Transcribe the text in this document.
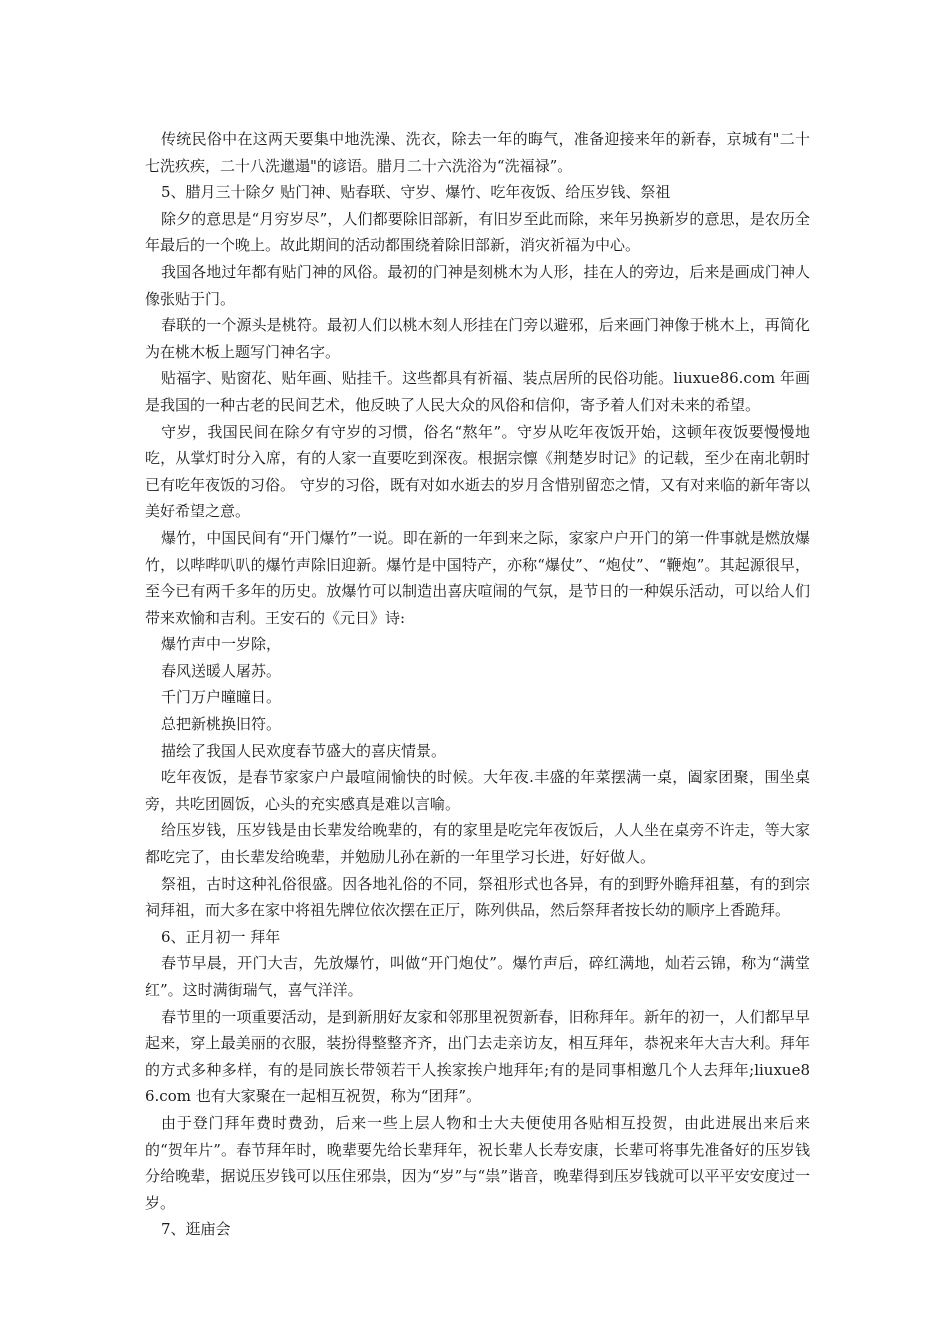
传统民俗中在这两天要集中地洗澡、洗衣，除去一年的晦气，准备迎接来年的新春，京城有"二十七洗疚疾，二十八洗邋遢"的谚语。腊月二十六洗浴为“洗福禄”。

5、腊月三十除夕 贴门神、贴春联、守岁、爆竹、吃年夜饭、给压岁钱、祭祖

除夕的意思是“月穷岁尽”，人们都要除旧部新，有旧岁至此而除，来年另换新岁的意思，是农历全年最后的一个晚上。故此期间的活动都围绕着除旧部新，消灾祈福为中心。

我国各地过年都有贴门神的风俗。最初的门神是刻桃木为人形，挂在人的旁边，后来是画成门神人像张贴于门。

春联的一个源头是桃符。最初人们以桃木刻人形挂在门旁以避邪，后来画门神像于桃木上，再简化为在桃木板上题写门神名字。

贴福字、贴窗花、贴年画、贴挂千。这些都具有祈福、装点居所的民俗功能。liuxue86.com 年画是我国的一种古老的民间艺术，他反映了人民大众的风俗和信仰，寄予着人们对未来的希望。

守岁，我国民间在除夕有守岁的习惯，俗名“熬年”。守岁从吃年夜饭开始，这顿年夜饭要慢慢地吃，从掌灯时分入席，有的人家一直要吃到深夜。根据宗懔《荆楚岁时记》的记载，至少在南北朝时已有吃年夜饭的习俗。 守岁的习俗，既有对如水逝去的岁月含惜别留恋之情，又有对来临的新年寄以美好希望之意。

爆竹，中国民间有“开门爆竹”一说。即在新的一年到来之际，家家户户开门的第一件事就是燃放爆竹，以哔哔叭叭的爆竹声除旧迎新。爆竹是中国特产，亦称“爆仗”、“炮仗”、“鞭炮”。其起源很早，至今已有两千多年的历史。放爆竹可以制造出喜庆喧闹的气氛，是节日的一种娱乐活动，可以给人们带来欢愉和吉利。王安石的《元日》诗:

爆竹声中一岁除，

春风送暖人屠苏。

千门万户曈曈日。

总把新桃换旧符。

描绘了我国人民欢度春节盛大的喜庆情景。

吃年夜饭，是春节家家户户最喧闹愉快的时候。大年夜.丰盛的年菜摆满一桌，阖家团聚，围坐桌旁，共吃团圆饭，心头的充实感真是难以言喻。

给压岁钱，压岁钱是由长辈发给晚辈的，有的家里是吃完年夜饭后，人人坐在桌旁不许走，等大家都吃完了，由长辈发给晚辈，并勉励儿孙在新的一年里学习长进，好好做人。

祭祖，古时这种礼俗很盛。因各地礼俗的不同，祭祖形式也各异，有的到野外瞻拜祖墓，有的到宗祠拜祖，而大多在家中将祖先牌位依次摆在正厅，陈列供品，然后祭拜者按长幼的顺序上香跪拜。

6、正月初一 拜年

春节早晨，开门大吉，先放爆竹，叫做“开门炮仗”。爆竹声后，碎红满地，灿若云锦，称为“满堂红”。这时满街瑞气，喜气洋洋。

春节里的一项重要活动，是到新朋好友家和邻那里祝贺新春，旧称拜年。新年的初一，人们都早早起来，穿上最美丽的衣服，装扮得整整齐齐，出门去走亲访友，相互拜年，恭祝来年大吉大利。拜年的方式多种多样，有的是同族长带领若干人挨家挨户地拜年;有的是同事相邀几个人去拜年;liuxue86.com 也有大家聚在一起相互祝贺，称为“团拜”。

由于登门拜年费时费劲，后来一些上层人物和士大夫便使用各贴相互投贺，由此进展出来后来的“贺年片”。春节拜年时，晚辈要先给长辈拜年，祝长辈人长寿安康，长辈可将事先准备好的压岁钱分给晚辈，据说压岁钱可以压住邪祟，因为“岁”与“祟”谐音，晚辈得到压岁钱就可以平平安安度过一岁。

7、逛庙会
